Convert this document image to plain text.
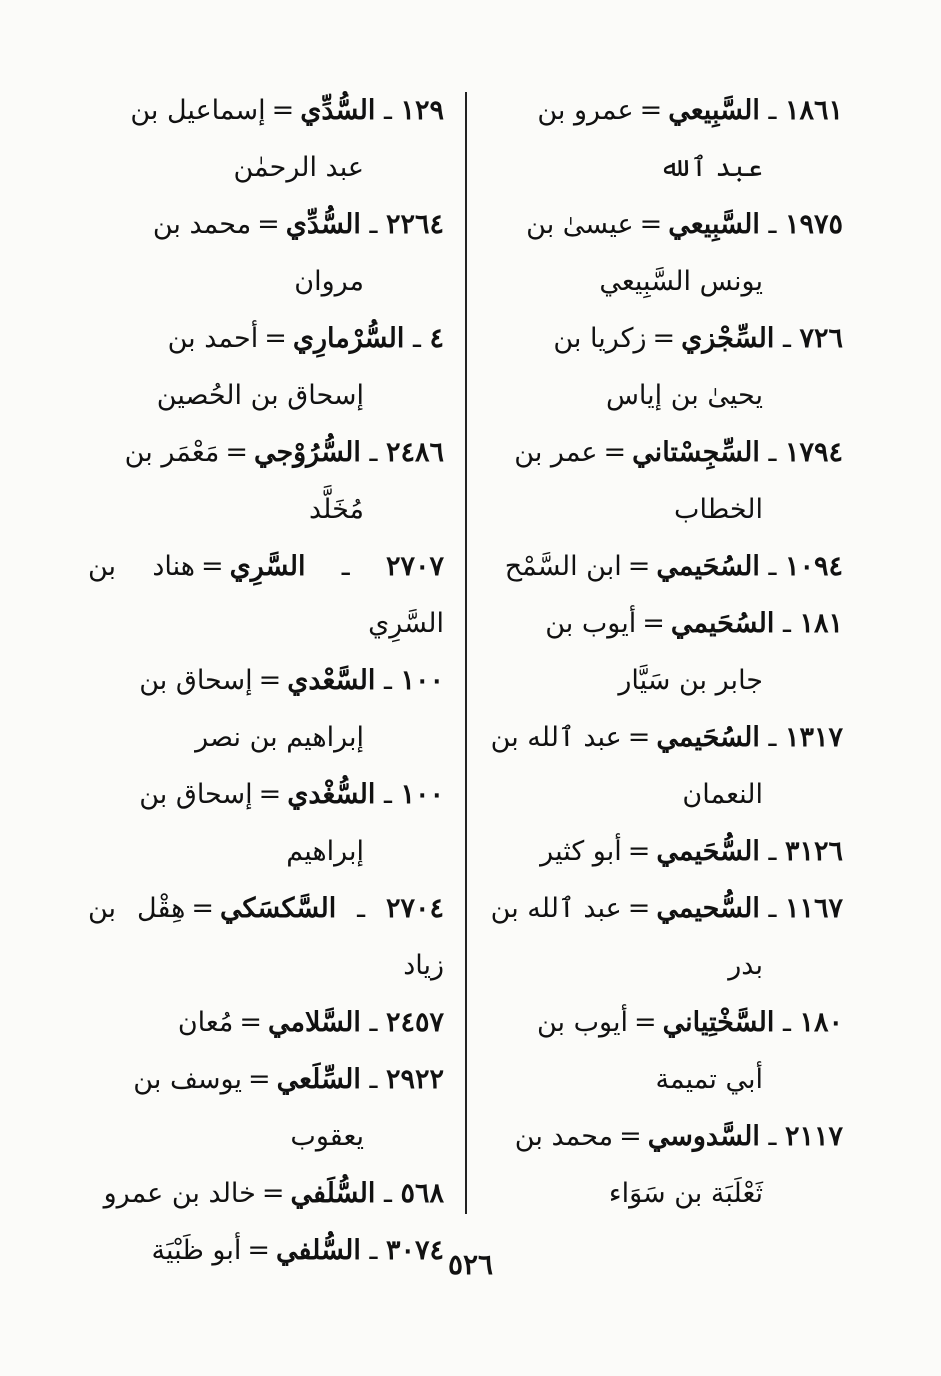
١٨٦١ ـ السَّبِيعي=عمرو بن
عبد ٱلله

١٩٧٥ ـ السَّبِيعي=عيسىٰ بن
يونس السَّبِيعي

٧٢٦ ـ السِّجْزي=زكريا بن
يحيىٰ بن إياس

١٧٩٤ ـ السِّجِسْتاني=عمر بن
الخطاب

١٠٩٤ ـ السُحَيمي=ابن السَّمْح

١٨١ ـ السُحَيمي=أيوب بن
جابر بن سَيَّار

١٣١٧ ـ السُحَيمي=عبد ٱلله بن
النعمان

٣١٢٦ ـ السُّحَيمي=أبو كثير

١١٦٧ ـ السُّحيمي=عبد ٱلله بن
بدر

١٨٠ ـ السَّخْتِياني=أيوب بن
أبي تميمة

٢١١٧ ـ السَّدوسي=محمد بن
ثَعْلَبَة بن سَوَاء

١٢٩ ـ السُّدِّي=إسماعيل بن
عبد الرحمٰن

٢٢٦٤ ـ السُّدِّي=محمد بن
مروان

٤ ـ السُّرْمارِي=أحمد بن
إسحاق بن الحُصين

٢٤٨٦ ـ السُّرُوْجي=مَعْمَر بن
مُخَلَّد

٢٧٠٧ ـ السَّرِي=هناد بن السَّرِي

١٠٠ ـ السَّعْدي=إسحاق بن
إبراهيم بن نصر

١٠٠ ـ السُّغْدي=إسحاق بن
إبراهيم

٢٧٠٤ ـ السَّكسَكي=هِقْل بن زياد

٢٤٥٧ ـ السَّلامي=مُعان

٢٩٢٢ ـ السِّلَعي=يوسف بن
يعقوب

٥٦٨ ـ السُّلَفي=خالد بن عمرو

٣٠٧٤ ـ السُّلفي=أبو ظَبْيَة	٥٢٦
